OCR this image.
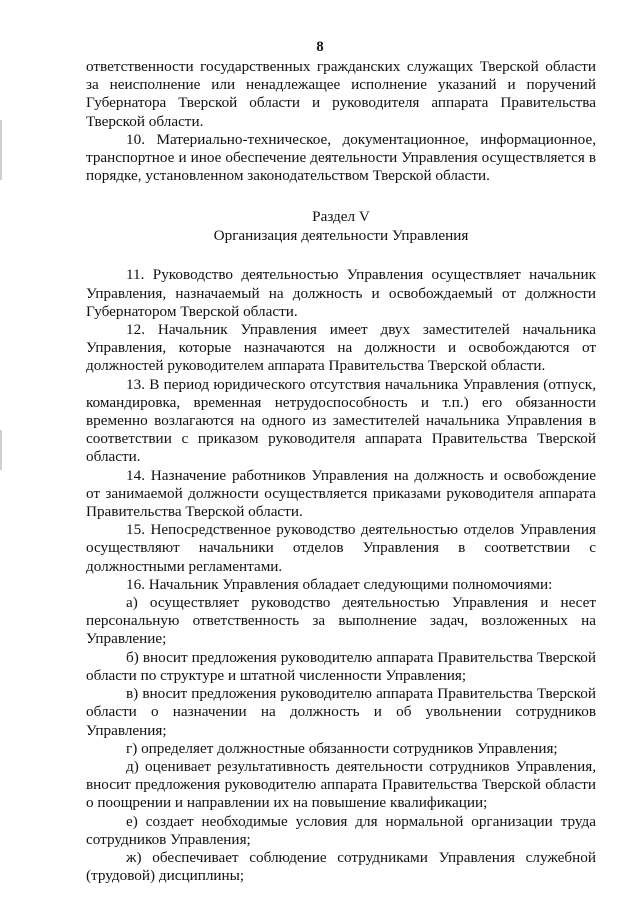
8

ответственности государственных гражданских служащих Тверской области за неисполнение или ненадлежащее исполнение указаний и поручений Губернатора Тверской области и руководителя аппарата Правительства Тверской области.

10. Материально-техническое, документационное, информационное, транспортное и иное обеспечение деятельности Управления осуществляется в порядке, установленном законодательством Тверской области.

Раздел V
Организация деятельности Управления

11. Руководство деятельностью Управления осуществляет начальник Управления, назначаемый на должность и освобождаемый от должности Губернатором Тверской области.

12. Начальник Управления имеет двух заместителей начальника Управления, которые назначаются на должности и освобождаются от должностей руководителем аппарата Правительства Тверской области.

13. В период юридического отсутствия начальника Управления (отпуск, командировка, временная нетрудоспособность и т.п.) его обязанности временно возлагаются на одного из заместителей начальника Управления в соответствии с приказом руководителя аппарата Правительства Тверской области.

14. Назначение работников Управления на должность и освобождение от занимаемой должности осуществляется приказами руководителя аппарата Правительства Тверской области.

15. Непосредственное руководство деятельностью отделов Управления осуществляют начальники отделов Управления в соответствии с должностными регламентами.

16. Начальник Управления обладает следующими полномочиями:

а) осуществляет руководство деятельностью Управления и несет персональную ответственность за выполнение задач, возложенных на Управление;

б) вносит предложения руководителю аппарата Правительства Тверской области по структуре и штатной численности Управления;

в) вносит предложения руководителю аппарата Правительства Тверской области о назначении на должность и об увольнении сотрудников Управления;

г) определяет должностные обязанности сотрудников Управления;

д) оценивает результативность деятельности сотрудников Управления, вносит предложения руководителю аппарата Правительства Тверской области о поощрении и направлении их на повышение квалификации;

е) создает необходимые условия для нормальной организации труда сотрудников Управления;

ж) обеспечивает соблюдение сотрудниками Управления служебной (трудовой) дисциплины;
